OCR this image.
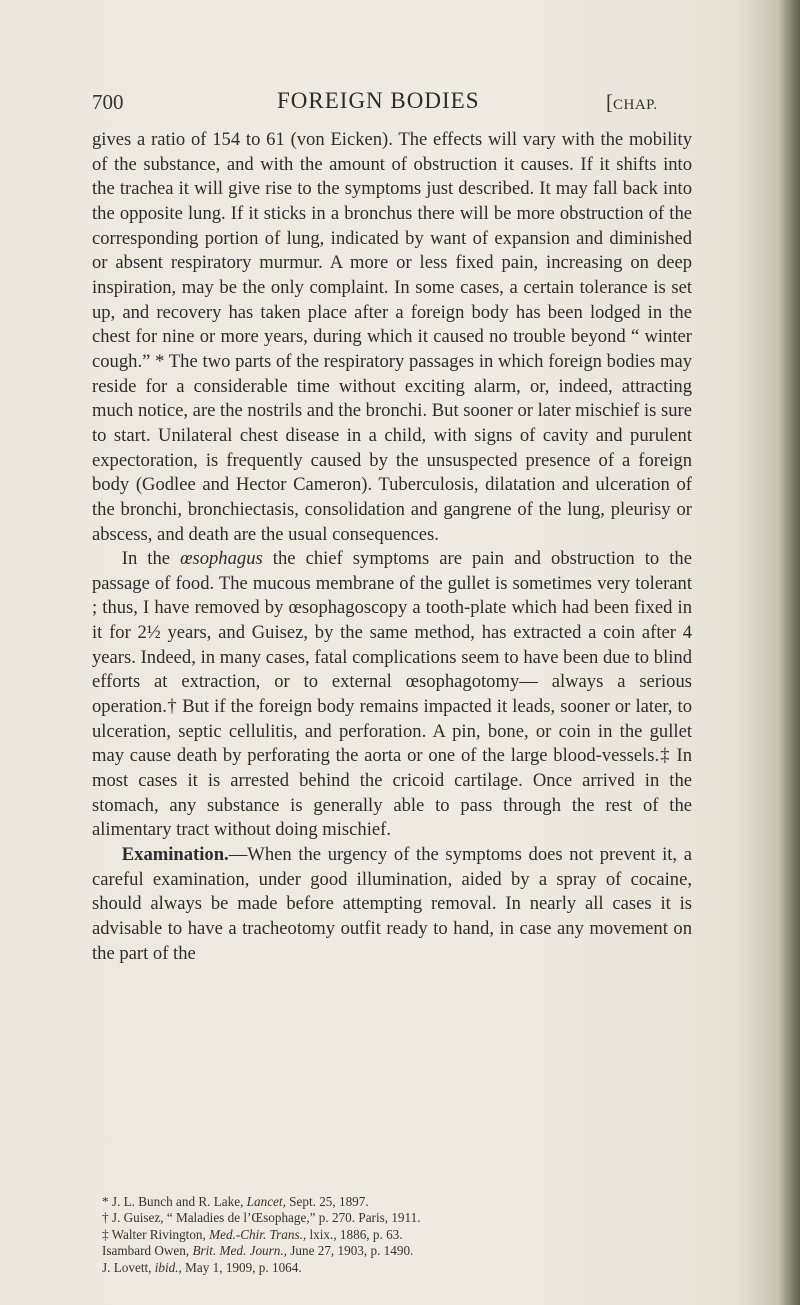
700	FOREIGN BODIES	[CHAP.

gives a ratio of 154 to 61 (von Eicken). The effects will vary with the mobility of the substance, and with the amount of obstruction it causes. If it shifts into the trachea it will give rise to the symptoms just described. It may fall back into the opposite lung. If it sticks in a bronchus there will be more obstruction of the corresponding portion of lung, indicated by want of expansion and diminished or absent respiratory murmur. A more or less fixed pain, increasing on deep inspiration, may be the only complaint. In some cases, a certain tolerance is set up, and recovery has taken place after a foreign body has been lodged in the chest for nine or more years, during which it caused no trouble beyond “ winter cough.” * The two parts of the respiratory passages in which foreign bodies may reside for a considerable time without exciting alarm, or, indeed, attracting much notice, are the nostrils and the bronchi. But sooner or later mischief is sure to start. Unilateral chest disease in a child, with signs of cavity and purulent expectoration, is frequently caused by the unsuspected presence of a foreign body (Godlee and Hector Cameron). Tuberculosis, dilatation and ulceration of the bronchi, bronchiectasis, consolidation and gangrene of the lung, pleurisy or abscess, and death are the usual consequences.

In the œsophagus the chief symptoms are pain and obstruction to the passage of food. The mucous membrane of the gullet is sometimes very tolerant ; thus, I have removed by œsophagoscopy a tooth-plate which had been fixed in it for 2½ years, and Guisez, by the same method, has extracted a coin after 4 years. Indeed, in many cases, fatal complications seem to have been due to blind efforts at extraction, or to external œsophagotomy— always a serious operation.† But if the foreign body remains impacted it leads, sooner or later, to ulceration, septic cellulitis, and perforation. A pin, bone, or coin in the gullet may cause death by perforating the aorta or one of the large blood-vessels.‡ In most cases it is arrested behind the cricoid cartilage. Once arrived in the stomach, any substance is generally able to pass through the rest of the alimentary tract without doing mischief.

Examination.—When the urgency of the symptoms does not prevent it, a careful examination, under good illumination, aided by a spray of cocaine, should always be made before attempting removal. In nearly all cases it is advisable to have a tracheotomy outfit ready to hand, in case any movement on the part of the

* J. L. Bunch and R. Lake, Lancet, Sept. 25, 1897.

† J. Guisez, “ Maladies de l’Œsophage,” p. 270. Paris, 1911.

‡ Walter Rivington, Med.-Chir. Trans., lxix., 1886, p. 63.

Isambard Owen, Brit. Med. Journ., June 27, 1903, p. 1490.

J. Lovett, ibid., May 1, 1909, p. 1064.
